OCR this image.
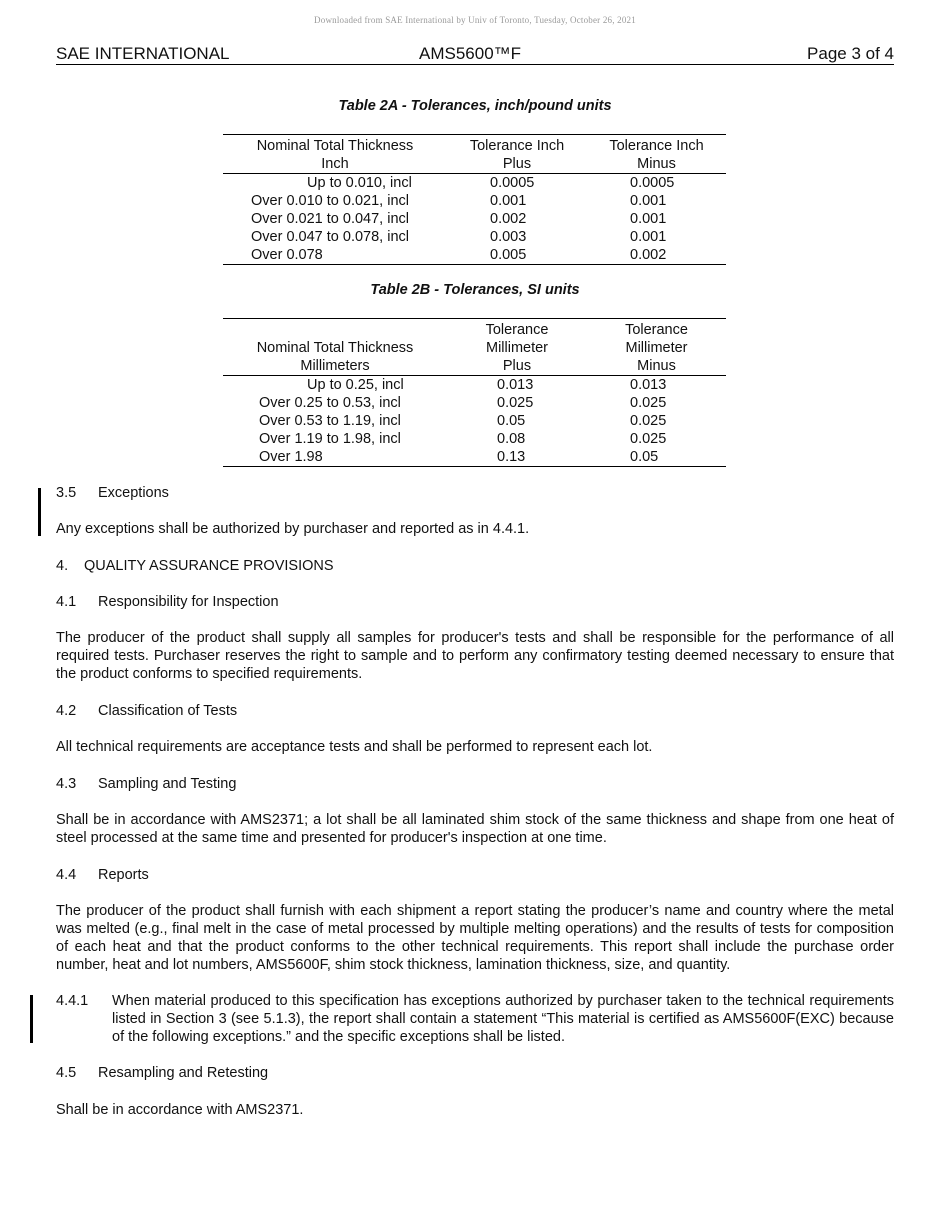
Downloaded from SAE International by Univ of Toronto, Tuesday, October 26, 2021
SAE INTERNATIONAL	AMS5600™F	Page 3 of 4
Table 2A - Tolerances, inch/pound units
Nominal Total Thickness	Tolerance Inch	Tolerance Inch
Inch	Plus	Minus
Up to 0.010, incl	0.0005	0.0005
Over 0.010 to 0.021, incl	0.001	0.001
Over 0.021 to 0.047, incl	0.002	0.001
Over 0.047 to 0.078, incl	0.003	0.001
Over 0.078	0.005	0.002
Table 2B - Tolerances, SI units
	Tolerance	Tolerance
Nominal Total Thickness	Millimeter	Millimeter
Millimeters	Plus	Minus
Up to 0.25, incl	0.013	0.013
Over 0.25 to 0.53, incl	0.025	0.025
Over 0.53 to 1.19, incl	0.05	0.025
Over 1.19 to 1.98, incl	0.08	0.025
Over 1.98	0.13	0.05
3.5 Exceptions
Any exceptions shall be authorized by purchaser and reported as in 4.4.1.
4. QUALITY ASSURANCE PROVISIONS
4.1 Responsibility for Inspection
The producer of the product shall supply all samples for producer's tests and shall be responsible for the performance of all required tests. Purchaser reserves the right to sample and to perform any confirmatory testing deemed necessary to ensure that the product conforms to specified requirements.
4.2 Classification of Tests
All technical requirements are acceptance tests and shall be performed to represent each lot.
4.3 Sampling and Testing
Shall be in accordance with AMS2371; a lot shall be all laminated shim stock of the same thickness and shape from one heat of steel processed at the same time and presented for producer's inspection at one time.
4.4 Reports
The producer of the product shall furnish with each shipment a report stating the producer’s name and country where the metal was melted (e.g., final melt in the case of metal processed by multiple melting operations) and the results of tests for composition of each heat and that the product conforms to the other technical requirements. This report shall include the purchase order number, heat and lot numbers, AMS5600F, shim stock thickness, lamination thickness, size, and quantity.
4.4.1 When material produced to this specification has exceptions authorized by purchaser taken to the technical requirements listed in Section 3 (see 5.1.3), the report shall contain a statement “This material is certified as AMS5600F(EXC) because of the following exceptions.” and the specific exceptions shall be listed.
4.5 Resampling and Retesting
Shall be in accordance with AMS2371.
